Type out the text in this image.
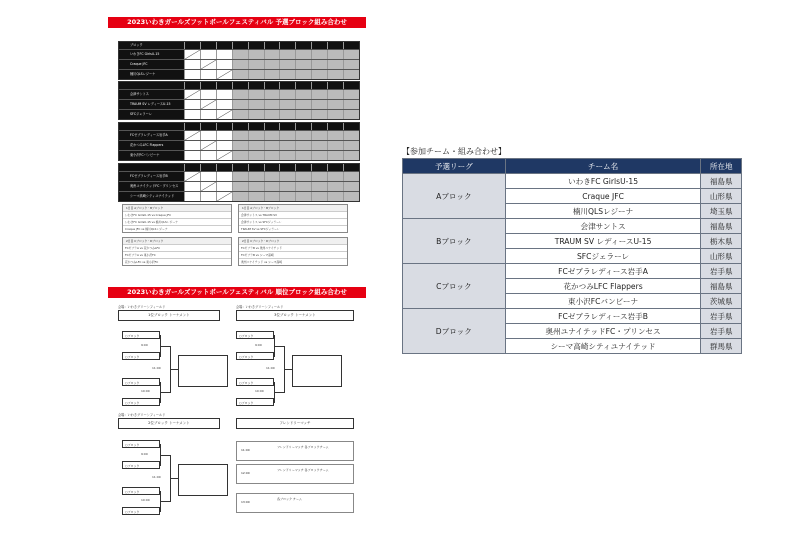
2023いわきガールズフットボールフェスティバル 予選ブロック組み合わせ
ブロック
いわきFC GirlsU-15
Craque JFC
楠川QLSレジーナ
会津サントス
TRAUM SV レディースU-15
SFCジェラーレ
FCゼブラレディース岩手A
花かつみLFC Flappers
東小沢FCバンビーナ
FCゼブラレディース岩手B
奥州ユナイテッドFC・プリンセス
シーマ高崎シティユナイテッド
1日目 Aブロック・Bブロック
いわきFC GirlsU-15 vs Craque JFC
いわきFC GirlsU-15 vs 楠川QLSレジーナ
Craque JFC vs 楠川QLSレジーナ
1日目 Aブロック・Bブロック
会津サントス vs TRAUM SV
会津サントス vs SFCジェラーレ
TRAUM SV vs SFCジェラーレ
2日目 Cブロック・Dブロック
FCゼブラA vs 花かつみLFC
FCゼブラA vs 東小沢FC
花かつみLFC vs 東小沢FC
2日目 Cブロック・Dブロック
FCゼブラB vs 奥州ユナイテッド
FCゼブラB vs シーマ高崎
奥州ユナイテッド vs シーマ高崎
2023いわきガールズフットボールフェスティバル 順位ブロック組み合わせ
会場：いわきグリーンフィールド
1位ブロック トーナメント
会場：いわきグリーンフィールド
3位ブロック トーナメント
○ブロック
○ブロック
○ブロック
○ブロック
9:00
10:00
11:00
○ブロック
○ブロック
○ブロック
○ブロック
9:00
10:00
11:00
会場：いわきグリーンフィールド
2位ブロック トーナメント
○ブロック
○ブロック
○ブロック
○ブロック
9:00
10:00
11:00
フレンドリーマッチ
11:00
フレンドリーマッチ 各ブロックチーム
12:00
フレンドリーマッチ 各ブロックチーム
13:00
各ブロック チーム
【参加チーム・組み合わせ】
予選リーグ	チーム名	所在地
Aブロック	いわきFC GirlsU-15	福島県
	Craque JFC	山形県
	楠川QLSレジーナ	埼玉県
Bブロック	会津サントス	福島県
	TRAUM SV レディースU-15	栃木県
	SFCジェラーレ	山形県
Cブロック	FCゼブラレディース岩手A	岩手県
	花かつみLFC Flappers	福島県
	東小沢FCバンビーナ	茨城県
Dブロック	FCゼブラレディース岩手B	岩手県
	奥州ユナイテッドFC・プリンセス	岩手県
	シーマ高崎シティユナイテッド	群馬県
